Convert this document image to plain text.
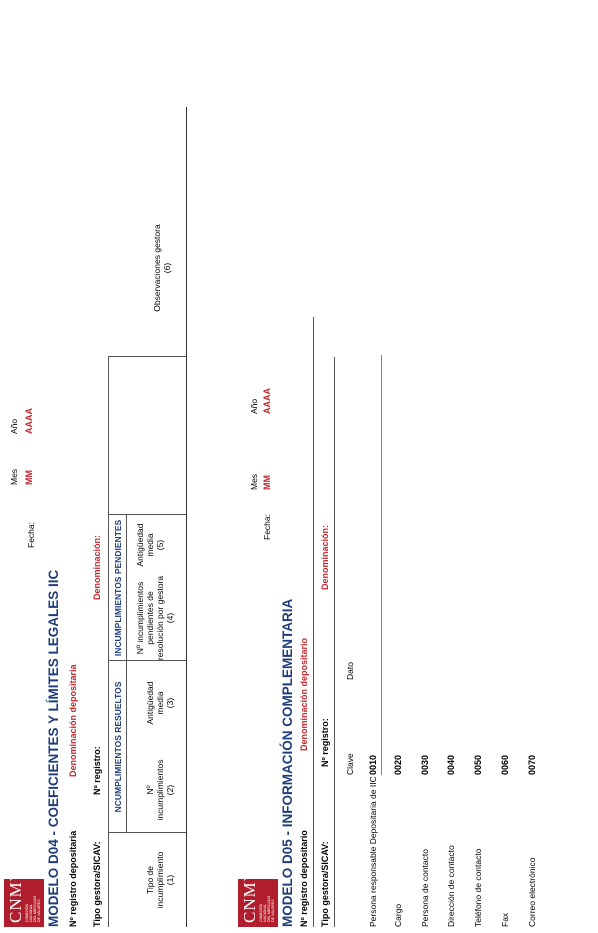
CNMV COMISIÓN NACIONAL DEL MERCADO DE VALORES
Fecha:
Mes MM
Año AAAA
MODELO D04 - COEFICIENTES Y LÍMITES LEGALES IIC Nº registro depositaria
Denominación depositaria
Tipo gestora/SICAV:
Nº registro:
Denominación:
NCUMPLIMIENTOS RESUELTOS
INCUMPLIMIENTOS PENDIENTES
Tipo de incumplimiento (1)
Nº incumplimientos (2)
Antigüedad media (3)
Nº incumplimientos pendientes de resolución por gestora (4)
Antigüedad media (5)
Observaciones gestora (6)
CNMV COMISIÓN NACIONAL DEL MERCADO DE VALORES
Fecha:
Mes MM
Año AAAA
MODELO D05 - INFORMACIÓN COMPLEMENTARIA Nº registro depositario
Denominación depositario
Tipo gestora/SICAV:
Nº registro:
Denominación:
Clave
Dato
Persona responsable Depositaria de IIC
0010
Cargo
0020
Persona de contacto
0030
Dirección de contacto
0040
Teléfono de contacto
0050
Fax
0060
Correo electrónico
0070
